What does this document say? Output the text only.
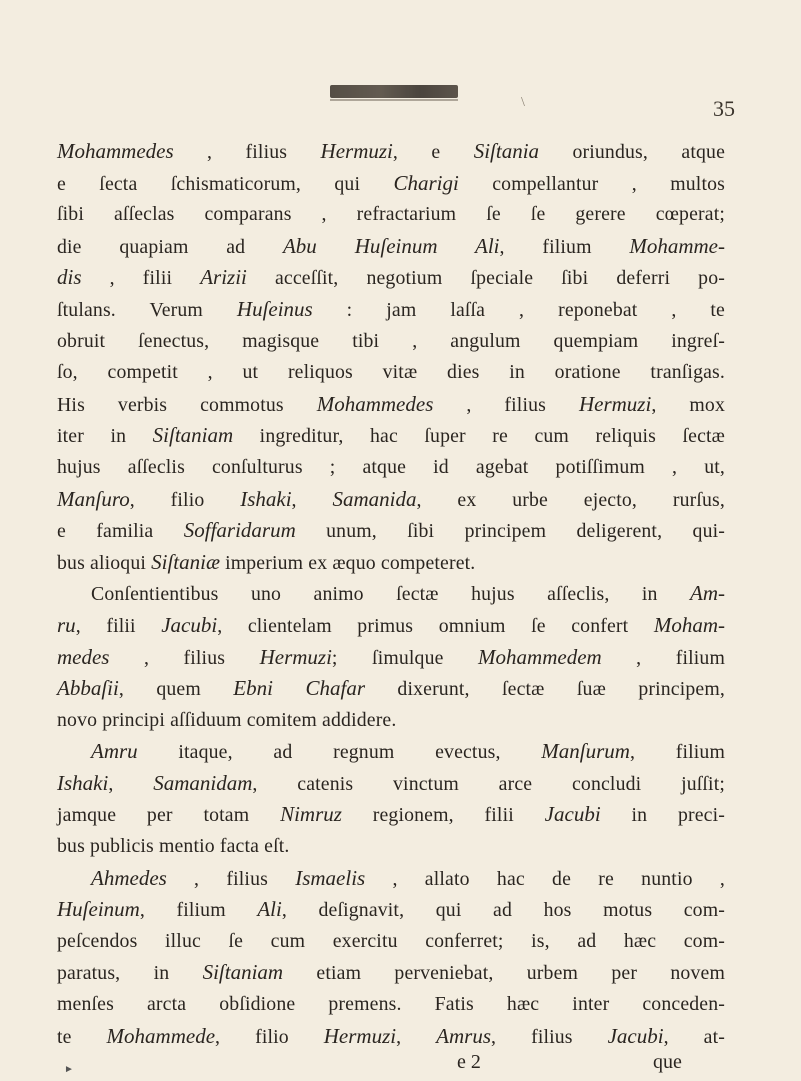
\	35
Mohammedes , filius Hermuzi, e Siſtania oriundus, atque
e ſecta ſchismaticorum, qui Charigi compellantur , multos
ſibi aſſeclas comparans , refractarium ſe ſe gerere cœperat;
die quapiam ad Abu Huſeinum Ali, filium Mohamme-
dis , filii Arizii acceſſit, negotium ſpeciale ſibi deferri po-
ſtulans. Verum Huſeinus : jam laſſa , reponebat , te
obruit ſenectus, magisque tibi , angulum quempiam ingreſ-
ſo, competit , ut reliquos vitæ dies in oratione tranſigas.
His verbis commotus Mohammedes , filius Hermuzi, mox
iter in Siſtaniam ingreditur, hac ſuper re cum reliquis ſectæ
hujus aſſeclis conſulturus ; atque id agebat potiſſimum , ut,
Manſuro, filio Ishaki, Samanida, ex urbe ejecto, rurſus,
e familia Soffaridarum unum, ſibi principem deligerent, qui-
bus alioqui Siſtaniæ imperium ex æquo competeret.
Conſentientibus uno animo ſectæ hujus aſſeclis, in Am-
ru, filii Jacubi, clientelam primus omnium ſe confert Moham-
medes , filius Hermuzi; ſimulque Mohammedem , filium
Abbaſii, quem Ebni Chafar dixerunt, ſectæ ſuæ principem,
novo principi aſſiduum comitem addidere.
Amru itaque, ad regnum evectus, Manſurum, filium
Ishaki, Samanidam, catenis vinctum arce concludi juſſit;
jamque per totam Nimruz regionem, filii Jacubi in preci-
bus publicis mentio facta eſt.
Ahmedes , filius Ismaelis , allato hac de re nuntio ,
Huſeinum, filium Ali, deſignavit, qui ad hos motus com-
peſcendos illuc ſe cum exercitu conferret; is, ad hæc com-
paratus, in Siſtaniam etiam perveniebat, urbem per novem
menſes arcta obſidione premens. Fatis hæc inter conceden-
te Mohammede, filio Hermuzi, Amrus, filius Jacubi, at-
e 2	que
►
